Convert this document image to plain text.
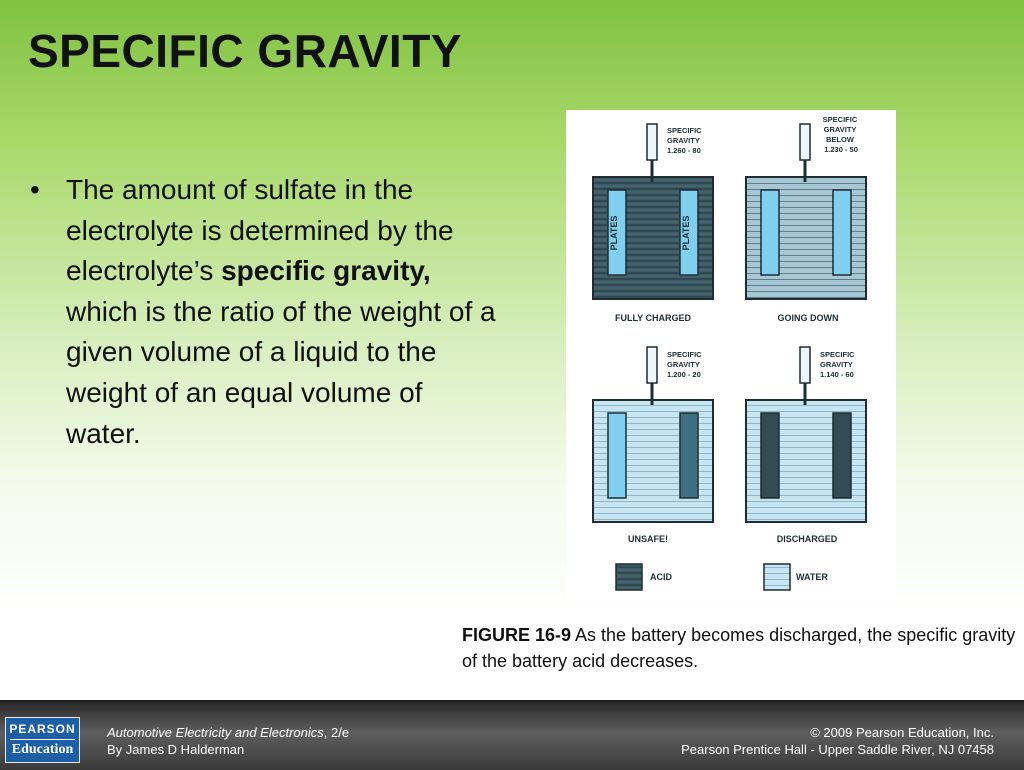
SPECIFIC GRAVITY
• The amount of sulfate in the electrolyte is determined by the electrolyte’s specific gravity, which is the ratio of the weight of a given volume of a liquid to the weight of an equal volume of water.
PLATES	PLATES
SPECIFIC GRAVITY 1.260 - 80
FULLY CHARGED
SPECIFIC GRAVITY BELOW 1.230 - 50
GOING DOWN
SPECIFIC GRAVITY 1.200 - 20
UNSAFE!
SPECIFIC GRAVITY 1.140 - 60
DISCHARGED
ACID	WATER
FIGURE 16-9 As the battery becomes discharged, the specific gravity of the battery acid decreases.
PEARSON
Education
Automotive Electricity and Electronics, 2/e
By James D Halderman
© 2009 Pearson Education, Inc.
Pearson Prentice Hall - Upper Saddle River, NJ 07458
